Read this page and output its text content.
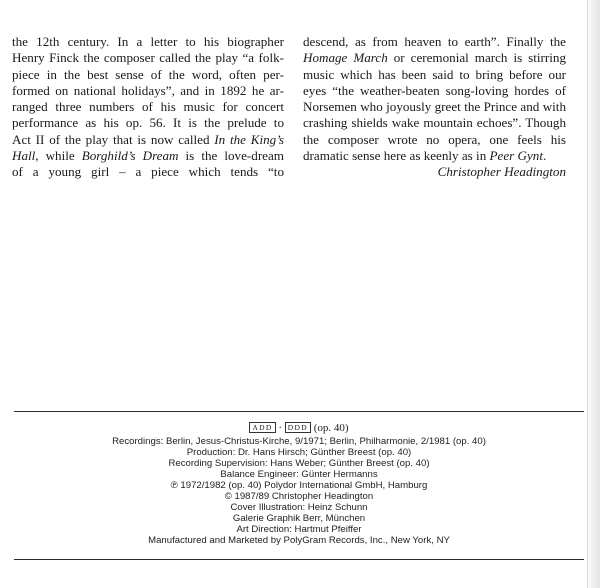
the 12th century. In a letter to his biographer
Henry Finck the composer called the play “a folk-
piece in the best sense of the word, often per-
formed on national holidays”, and in 1892 he ar-
ranged three numbers of his music for concert
performance as his op. 56. It is the prelude to
Act II of the play that is now called In the King’s
Hall, while Borghild’s Dream is the love-dream
of a young girl – a piece which tends “to
descend, as from heaven to earth”. Finally the
Homage March or ceremonial march is stirring
music which has been said to bring before our
eyes “the weather-beaten song-loving hordes of
Norsemen who joyously greet the Prince and with
crashing shields wake mountain echoes”. Though
the composer wrote no opera, one feels his
dramatic sense here as keenly as in Peer Gynt.
Christopher Headington
ADD · DDD (op. 40)
Recordings: Berlin, Jesus-Christus-Kirche, 9/1971; Berlin, Philharmonie, 2/1981 (op. 40)
Production: Dr. Hans Hirsch; Günther Breest (op. 40)
Recording Supervision: Hans Weber; Günther Breest (op. 40)
Balance Engineer: Günter Hermanns
℗ 1972/1982 (op. 40) Polydor International GmbH, Hamburg
© 1987/89 Christopher Headington
Cover Illustration: Heinz Schunn
Galerie Graphik Berr, München
Art Direction: Hartmut Pfeiffer
Manufactured and Marketed by PolyGram Records, Inc., New York, NY
